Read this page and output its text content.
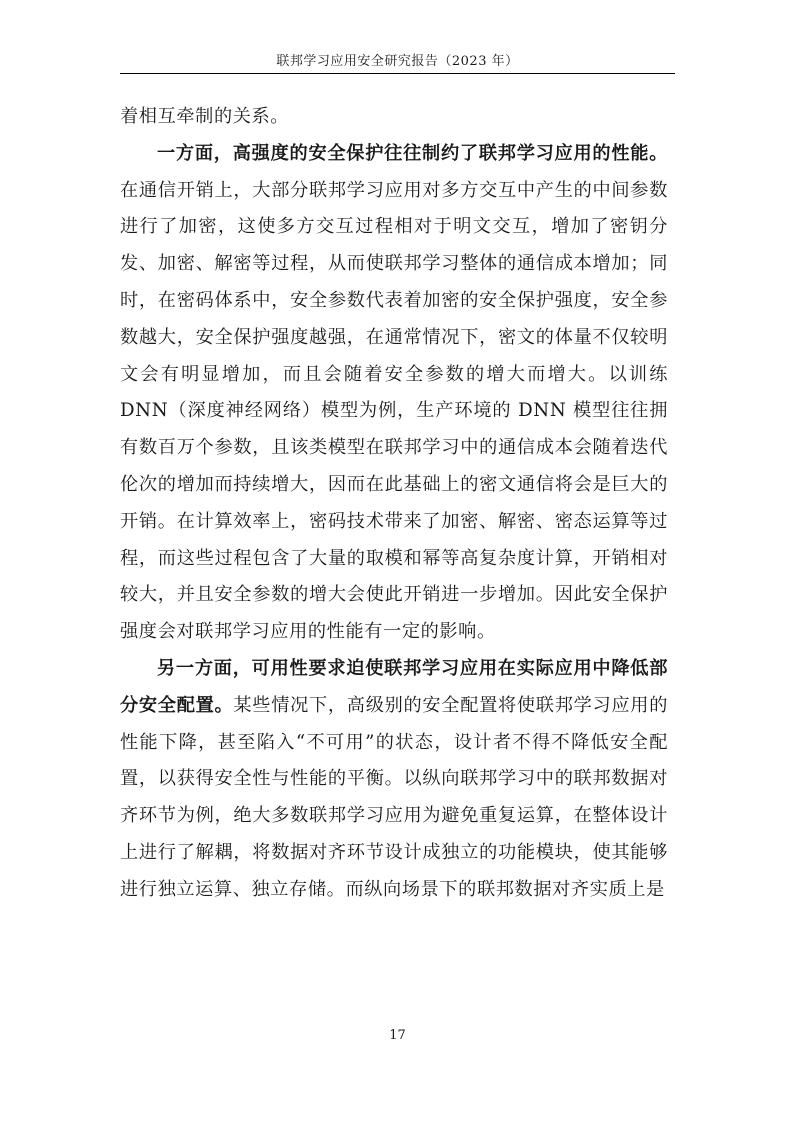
联邦学习应用安全研究报告（2023 年）

着相互牵制的关系。

一方面，高强度的安全保护往往制约了联邦学习应用的性能。在通信开销上，大部分联邦学习应用对多方交互中产生的中间参数进行了加密，这使多方交互过程相对于明文交互，增加了密钥分发、加密、解密等过程，从而使联邦学习整体的通信成本增加；同时，在密码体系中，安全参数代表着加密的安全保护强度，安全参数越大，安全保护强度越强，在通常情况下，密文的体量不仅较明文会有明显增加，而且会随着安全参数的增大而增大。以训练 DNN（深度神经网络）模型为例，生产环境的 DNN 模型往往拥有数百万个参数，且该类模型在联邦学习中的通信成本会随着迭代伦次的增加而持续增大，因而在此基础上的密文通信将会是巨大的开销。在计算效率上，密码技术带来了加密、解密、密态运算等过程，而这些过程包含了大量的取模和幂等高复杂度计算，开销相对较大，并且安全参数的增大会使此开销进一步增加。因此安全保护强度会对联邦学习应用的性能有一定的影响。

另一方面，可用性要求迫使联邦学习应用在实际应用中降低部分安全配置。某些情况下，高级别的安全配置将使联邦学习应用的性能下降，甚至陷入“不可用”的状态，设计者不得不降低安全配置，以获得安全性与性能的平衡。以纵向联邦学习中的联邦数据对齐环节为例，绝大多数联邦学习应用为避免重复运算，在整体设计上进行了解耦，将数据对齐环节设计成独立的功能模块，使其能够进行独立运算、独立存储。而纵向场景下的联邦数据对齐实质上是

17
